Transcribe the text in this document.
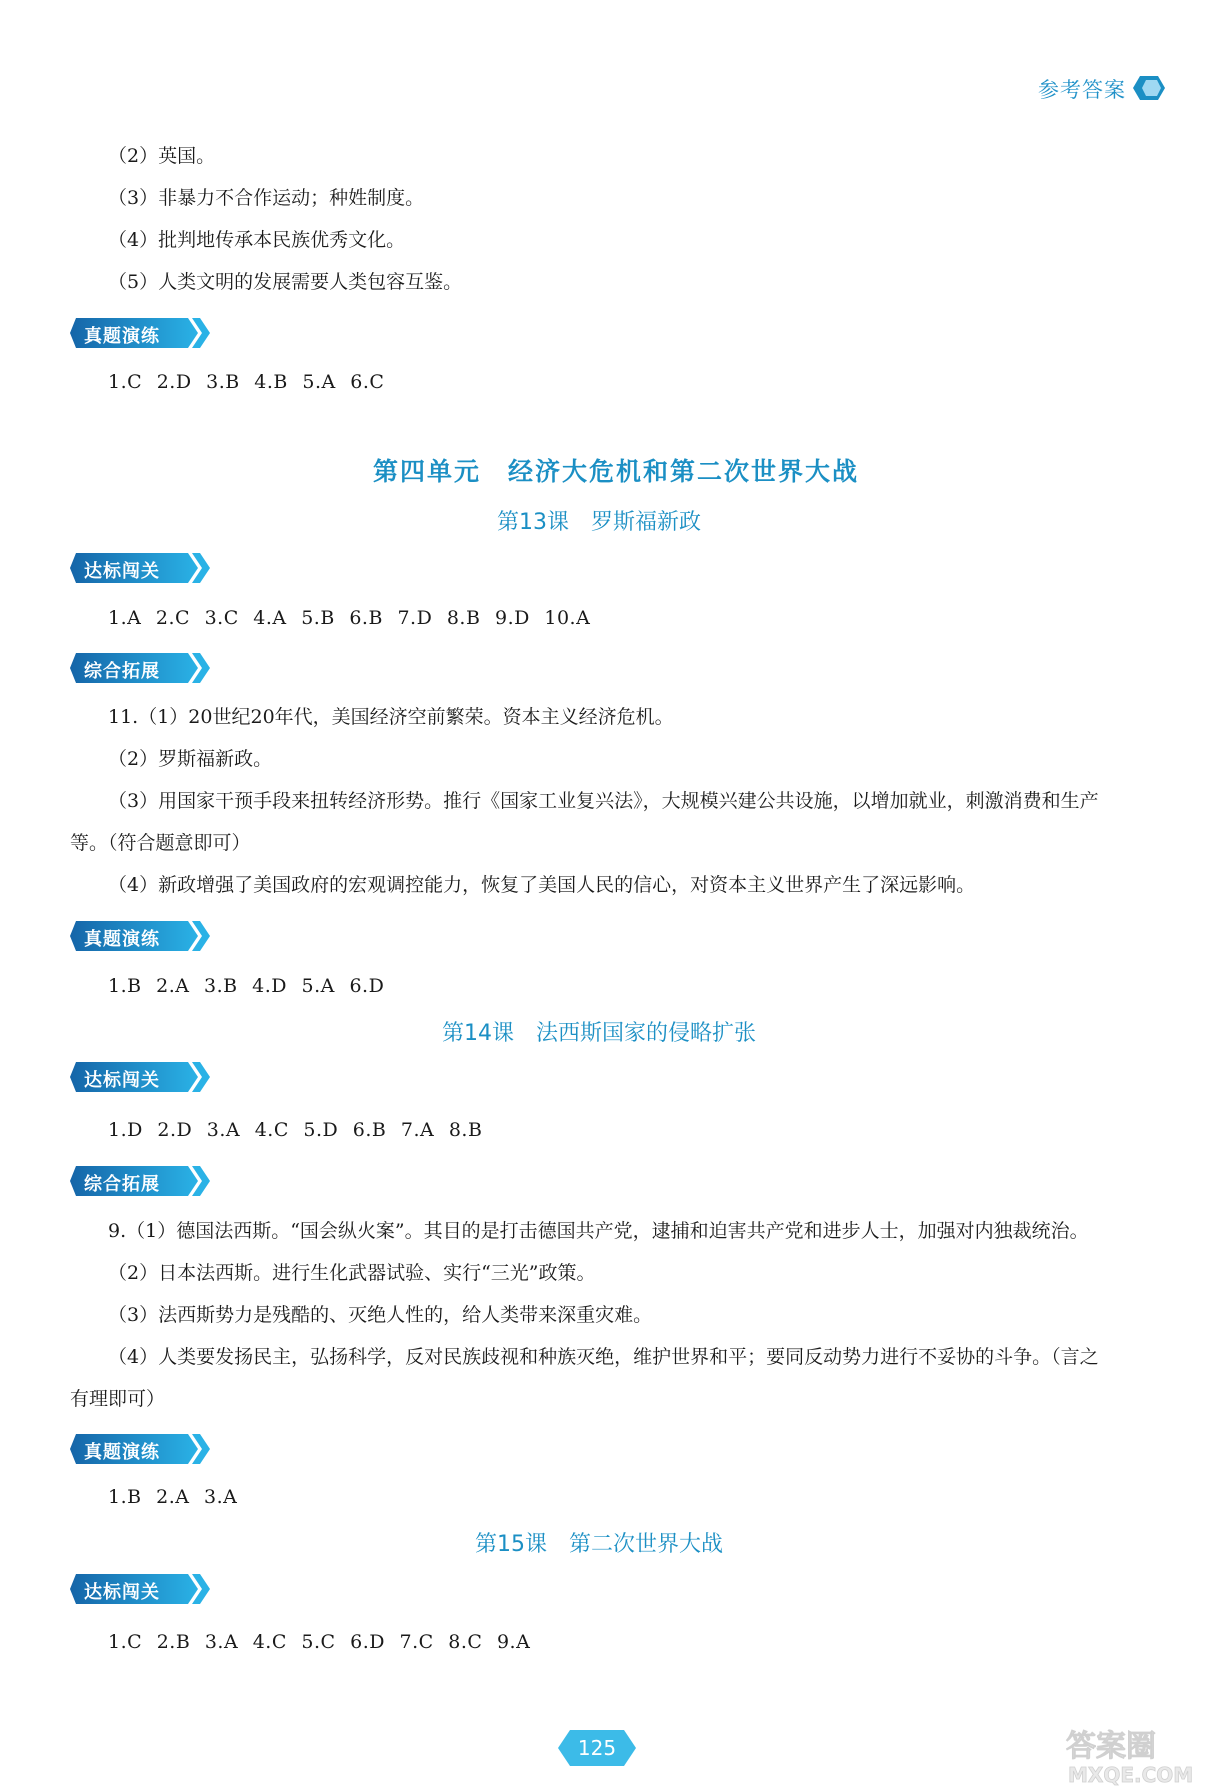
参考答案
（2）英国。
（3）非暴力不合作运动；种姓制度。
（4）批判地传承本民族优秀文化。
（5）人类文明的发展需要人类包容互鉴。
真题演练
1.C 2.D 3.B 4.B 5.A 6.C
第四单元　经济大危机和第二次世界大战
第13课　罗斯福新政
达标闯关
1.A 2.C 3.C 4.A 5.B 6.B 7.D 8.B 9.D 10.A
综合拓展
11.（1）20世纪20年代，美国经济空前繁荣。资本主义经济危机。
（2）罗斯福新政。
（3）用国家干预手段来扭转经济形势。推行《国家工业复兴法》，大规模兴建公共设施，以增加就业，刺激消费和生产
等。（符合题意即可）
（4）新政增强了美国政府的宏观调控能力，恢复了美国人民的信心，对资本主义世界产生了深远影响。
真题演练
1.B 2.A 3.B 4.D 5.A 6.D
第14课　法西斯国家的侵略扩张
达标闯关
1.D 2.D 3.A 4.C 5.D 6.B 7.A 8.B
综合拓展
9.（1）德国法西斯。“国会纵火案”。其目的是打击德国共产党，逮捕和迫害共产党和进步人士，加强对内独裁统治。
（2）日本法西斯。进行生化武器试验、实行“三光”政策。
（3）法西斯势力是残酷的、灭绝人性的，给人类带来深重灾难。
（4）人类要发扬民主，弘扬科学，反对民族歧视和种族灭绝，维护世界和平；要同反动势力进行不妥协的斗争。（言之
有理即可）
真题演练
1.B 2.A 3.A
第15课　第二次世界大战
达标闯关
1.C 2.B 3.A 4.C 5.C 6.D 7.C 8.C 9.A
125	答案圈
MXQE.COM
